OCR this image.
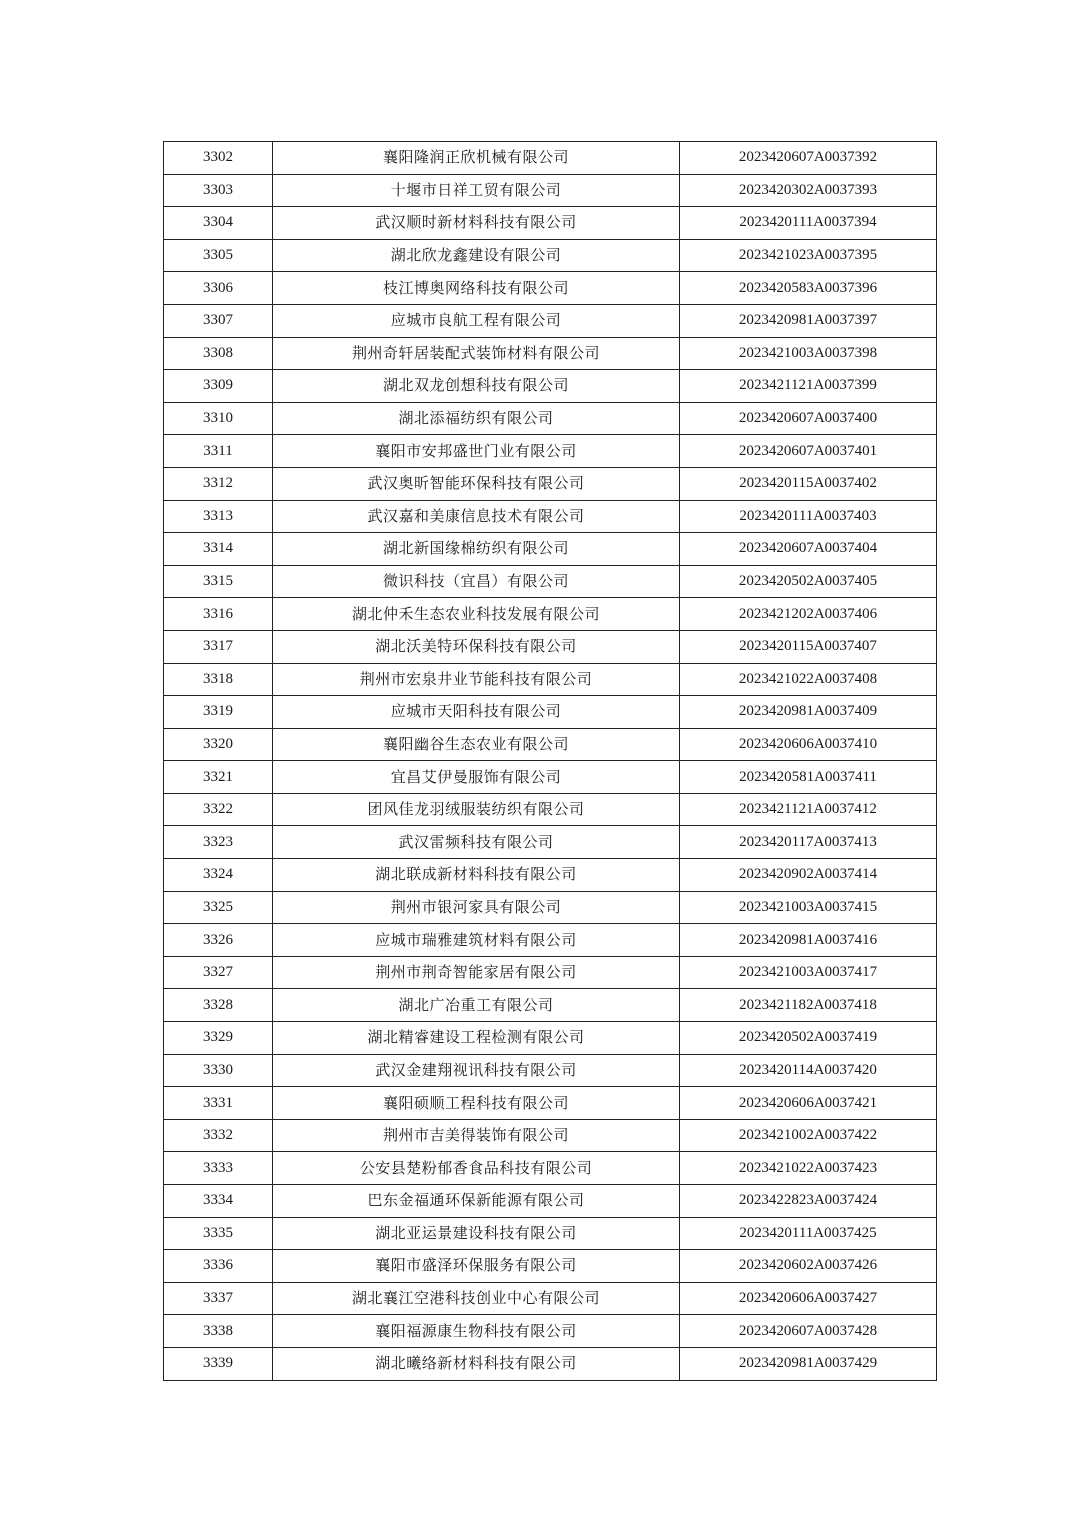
3302	襄阳隆润正欣机械有限公司	2023420607A0037392
3303	十堰市日祥工贸有限公司	2023420302A0037393
3304	武汉顺时新材料科技有限公司	2023420111A0037394
3305	湖北欣龙鑫建设有限公司	2023421023A0037395
3306	枝江博奥网络科技有限公司	2023420583A0037396
3307	应城市良航工程有限公司	2023420981A0037397
3308	荆州奇轩居装配式装饰材料有限公司	2023421003A0037398
3309	湖北双龙创想科技有限公司	2023421121A0037399
3310	湖北添福纺织有限公司	2023420607A0037400
3311	襄阳市安邦盛世门业有限公司	2023420607A0037401
3312	武汉奥昕智能环保科技有限公司	2023420115A0037402
3313	武汉嘉和美康信息技术有限公司	2023420111A0037403
3314	湖北新国缘棉纺织有限公司	2023420607A0037404
3315	微识科技（宜昌）有限公司	2023420502A0037405
3316	湖北仲禾生态农业科技发展有限公司	2023421202A0037406
3317	湖北沃美特环保科技有限公司	2023420115A0037407
3318	荆州市宏泉井业节能科技有限公司	2023421022A0037408
3319	应城市天阳科技有限公司	2023420981A0037409
3320	襄阳幽谷生态农业有限公司	2023420606A0037410
3321	宜昌艾伊曼服饰有限公司	2023420581A0037411
3322	团风佳龙羽绒服装纺织有限公司	2023421121A0037412
3323	武汉雷频科技有限公司	2023420117A0037413
3324	湖北联成新材料科技有限公司	2023420902A0037414
3325	荆州市银河家具有限公司	2023421003A0037415
3326	应城市瑞雅建筑材料有限公司	2023420981A0037416
3327	荆州市荆奇智能家居有限公司	2023421003A0037417
3328	湖北广冶重工有限公司	2023421182A0037418
3329	湖北精睿建设工程检测有限公司	2023420502A0037419
3330	武汉金建翔视讯科技有限公司	2023420114A0037420
3331	襄阳硕顺工程科技有限公司	2023420606A0037421
3332	荆州市吉美得装饰有限公司	2023421002A0037422
3333	公安县楚粉郁香食品科技有限公司	2023421022A0037423
3334	巴东金福通环保新能源有限公司	2023422823A0037424
3335	湖北亚运景建设科技有限公司	2023420111A0037425
3336	襄阳市盛泽环保服务有限公司	2023420602A0037426
3337	湖北襄江空港科技创业中心有限公司	2023420606A0037427
3338	襄阳福源康生物科技有限公司	2023420607A0037428
3339	湖北曦络新材料科技有限公司	2023420981A0037429
